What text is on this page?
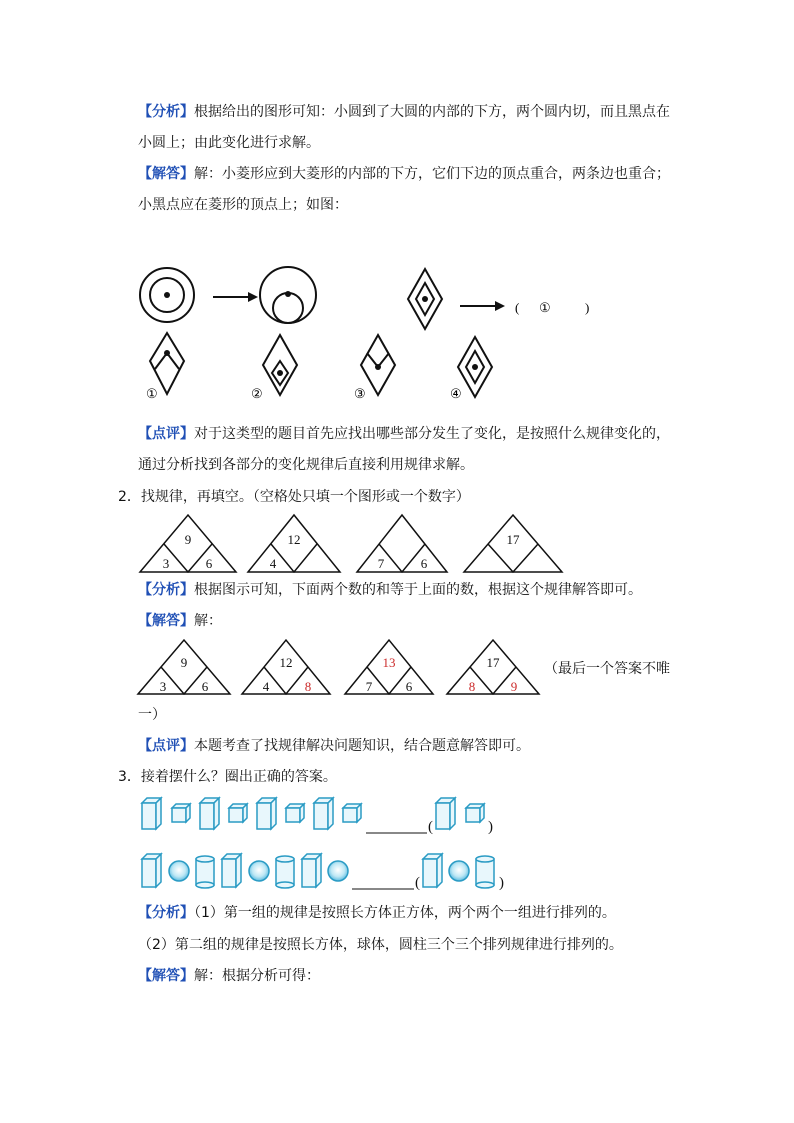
【分析】根据给出的图形可知：小圆到了大圆的内部的下方，两个圆内切，而且黑点在
小圆上；由此变化进行求解。
【解答】解：小菱形应到大菱形的内部的下方，它们下边的顶点重合，两条边也重合；
小黑点应在菱形的顶点上；如图：
( ①	)
①	②	③	④
【点评】对于这类型的题目首先应找出哪些部分发生了变化，是按照什么规律变化的，
通过分析找到各部分的变化规律后直接利用规律求解。
2．找规律，再填空。（空格处只填一个图形或一个数字）
9
3	6
12
4	7	6
17
【分析】根据图示可知，下面两个数的和等于上面的数，根据这个规律解答即可。
【解答】解：
9
3	6
12
4	8
13
7	6
17
8	9
（最后一个答案不唯
一）
【点评】本题考查了找规律解决问题知识，结合题意解答即可。
3．接着摆什么？圈出正确的答案。
(	)
(	)
【分析】（1）第一组的规律是按照长方体正方体，两个两个一组进行排列的。
（2）第二组的规律是按照长方体，球体，圆柱三个三个排列规律进行排列的。
【解答】解：根据分析可得：
